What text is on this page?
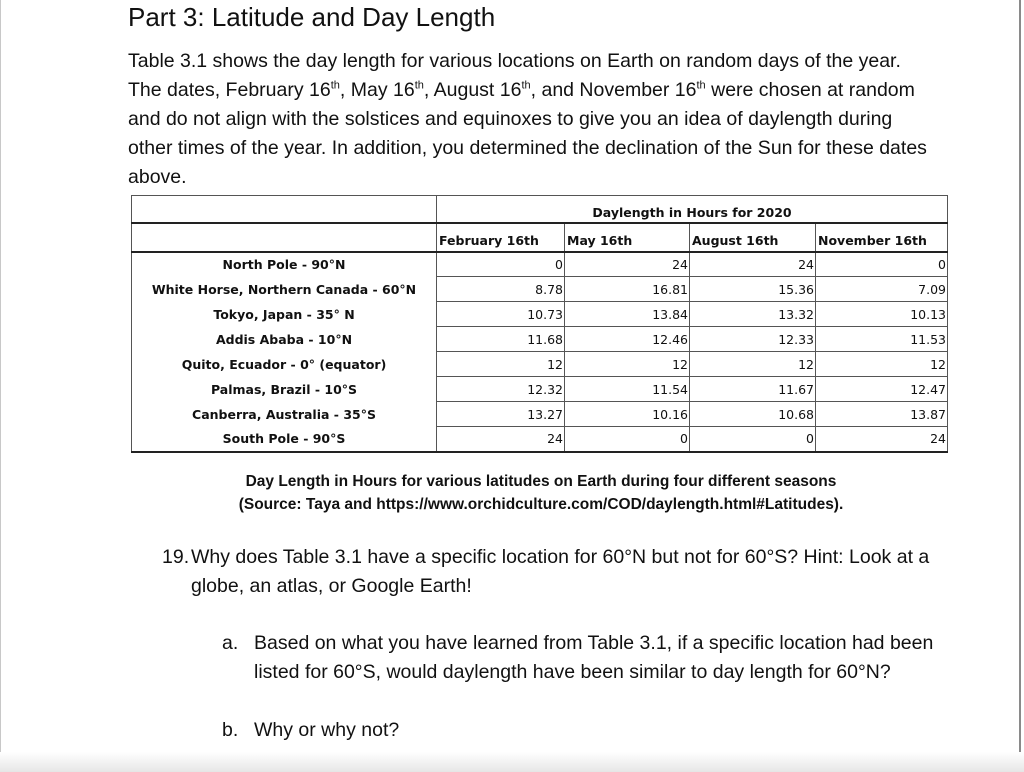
Part 3: Latitude and Day Length

Table 3.1 shows the day length for various locations on Earth on random days of the year. The dates, February 16th, May 16th, August 16th, and November 16th were chosen at random and do not align with the solstices and equinoxes to give you an idea of daylength during other times of the year. In addition, you determined the declination of the Sun for these dates above.

	Daylength in Hours for 2020			
	February 16th	May 16th	August 16th	November 16th
North Pole - 90°N	0	24	24	0
White Horse, Northern Canada - 60°N	8.78	16.81	15.36	7.09
Tokyo, Japan - 35° N	10.73	13.84	13.32	10.13
Addis Ababa - 10°N	11.68	12.46	12.33	11.53
Quito, Ecuador - 0° (equator)	12	12	12	12
Palmas, Brazil - 10°S	12.32	11.54	11.67	12.47
Canberra, Australia - 35°S	13.27	10.16	10.68	13.87
South Pole - 90°S	24	0	0	24

Day Length in Hours for various latitudes on Earth during four different seasons
(Source: Taya and https://www.orchidculture.com/COD/daylength.html#Latitudes).

19. Why does Table 3.1 have a specific location for 60°N but not for 60°S? Hint: Look at a globe, an atlas, or Google Earth!

a. Based on what you have learned from Table 3.1, if a specific location had been listed for 60°S, would daylength have been similar to day length for 60°N?

b. Why or why not?
